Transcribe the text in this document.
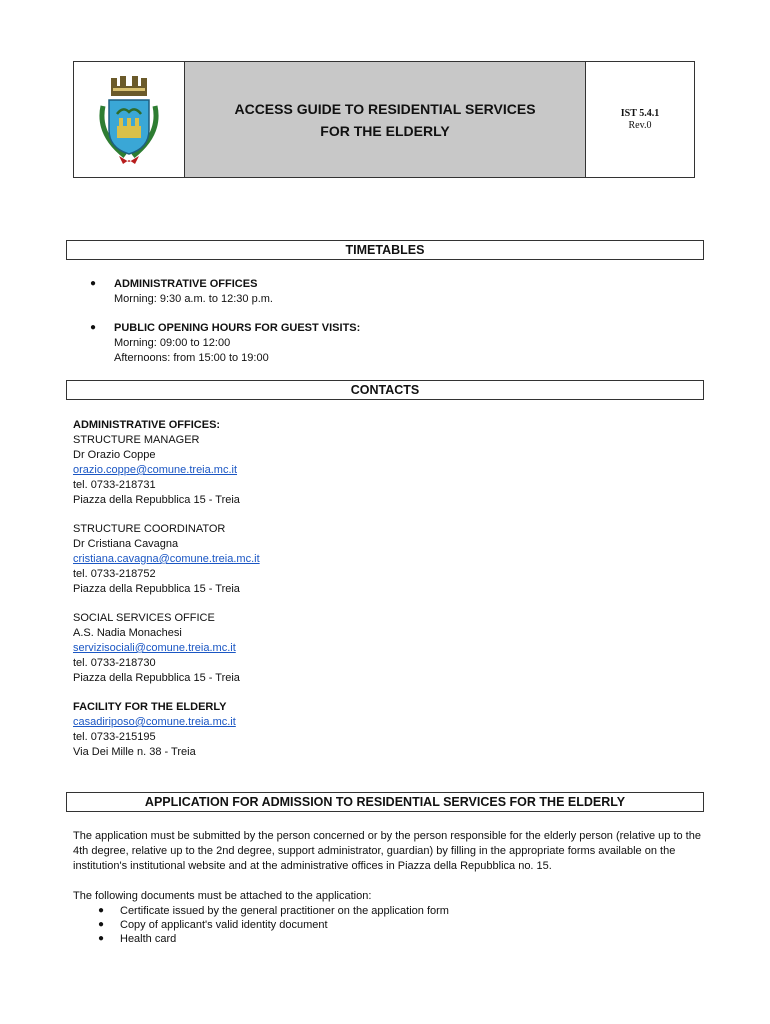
ACCESS GUIDE TO RESIDENTIAL SERVICES
FOR THE ELDERLY
IST 5.4.1
Rev.0
TIMETABLES
● ADMINISTRATIVE OFFICES
Morning: 9:30 a.m. to 12:30 p.m.
● PUBLIC OPENING HOURS FOR GUEST VISITS:
Morning: 09:00 to 12:00
Afternoons: from 15:00 to 19:00
CONTACTS
ADMINISTRATIVE OFFICES:
STRUCTURE MANAGER
Dr Orazio Coppe
orazio.coppe@comune.treia.mc.it
tel. 0733-218731
Piazza della Repubblica 15 - Treia
STRUCTURE COORDINATOR
Dr Cristiana Cavagna
cristiana.cavagna@comune.treia.mc.it
tel. 0733-218752
Piazza della Repubblica 15 - Treia
SOCIAL SERVICES OFFICE
A.S. Nadia Monachesi
servizisociali@comune.treia.mc.it
tel. 0733-218730
Piazza della Repubblica 15 - Treia
FACILITY FOR THE ELDERLY
casadiriposo@comune.treia.mc.it
tel. 0733-215195
Via Dei Mille n. 38 - Treia
APPLICATION FOR ADMISSION TO RESIDENTIAL SERVICES FOR THE ELDERLY
The application must be submitted by the person concerned or by the person responsible for the elderly person (relative up to the 4th degree, relative up to the 2nd degree, support administrator, guardian) by filling in the appropriate forms available on the institution's institutional website and at the administrative offices in Piazza della Repubblica no. 15.
The following documents must be attached to the application:
● Certificate issued by the general practitioner on the application form
● Copy of applicant's valid identity document
● Health card
